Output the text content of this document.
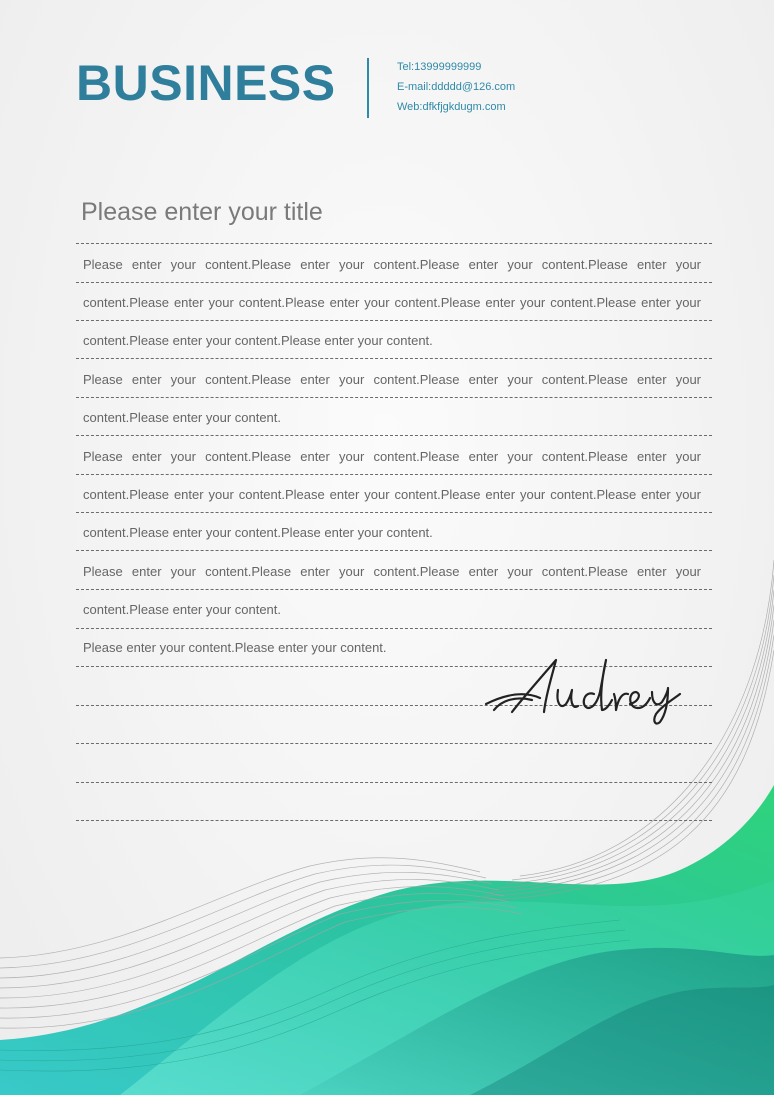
BUSINESS	Tel:13999999999
E-mail:ddddd@126.com
Web:dfkfjgkdugm.com
Please enter your title
Please enter your content.Please enter your content.Please enter your content.Please enter your
content.Please enter your content.Please enter your content.Please enter your content.Please enter your
content.Please enter your content.Please enter your content.
Please enter your content.Please enter your content.Please enter your content.Please enter your
content.Please enter your content.
Please enter your content.Please enter your content.Please enter your content.Please enter your
content.Please enter your content.Please enter your content.Please enter your content.Please enter your
content.Please enter your content.Please enter your content.
Please enter your content.Please enter your content.Please enter your content.Please enter your
content.Please enter your content.
Please enter your content.Please enter your content.
